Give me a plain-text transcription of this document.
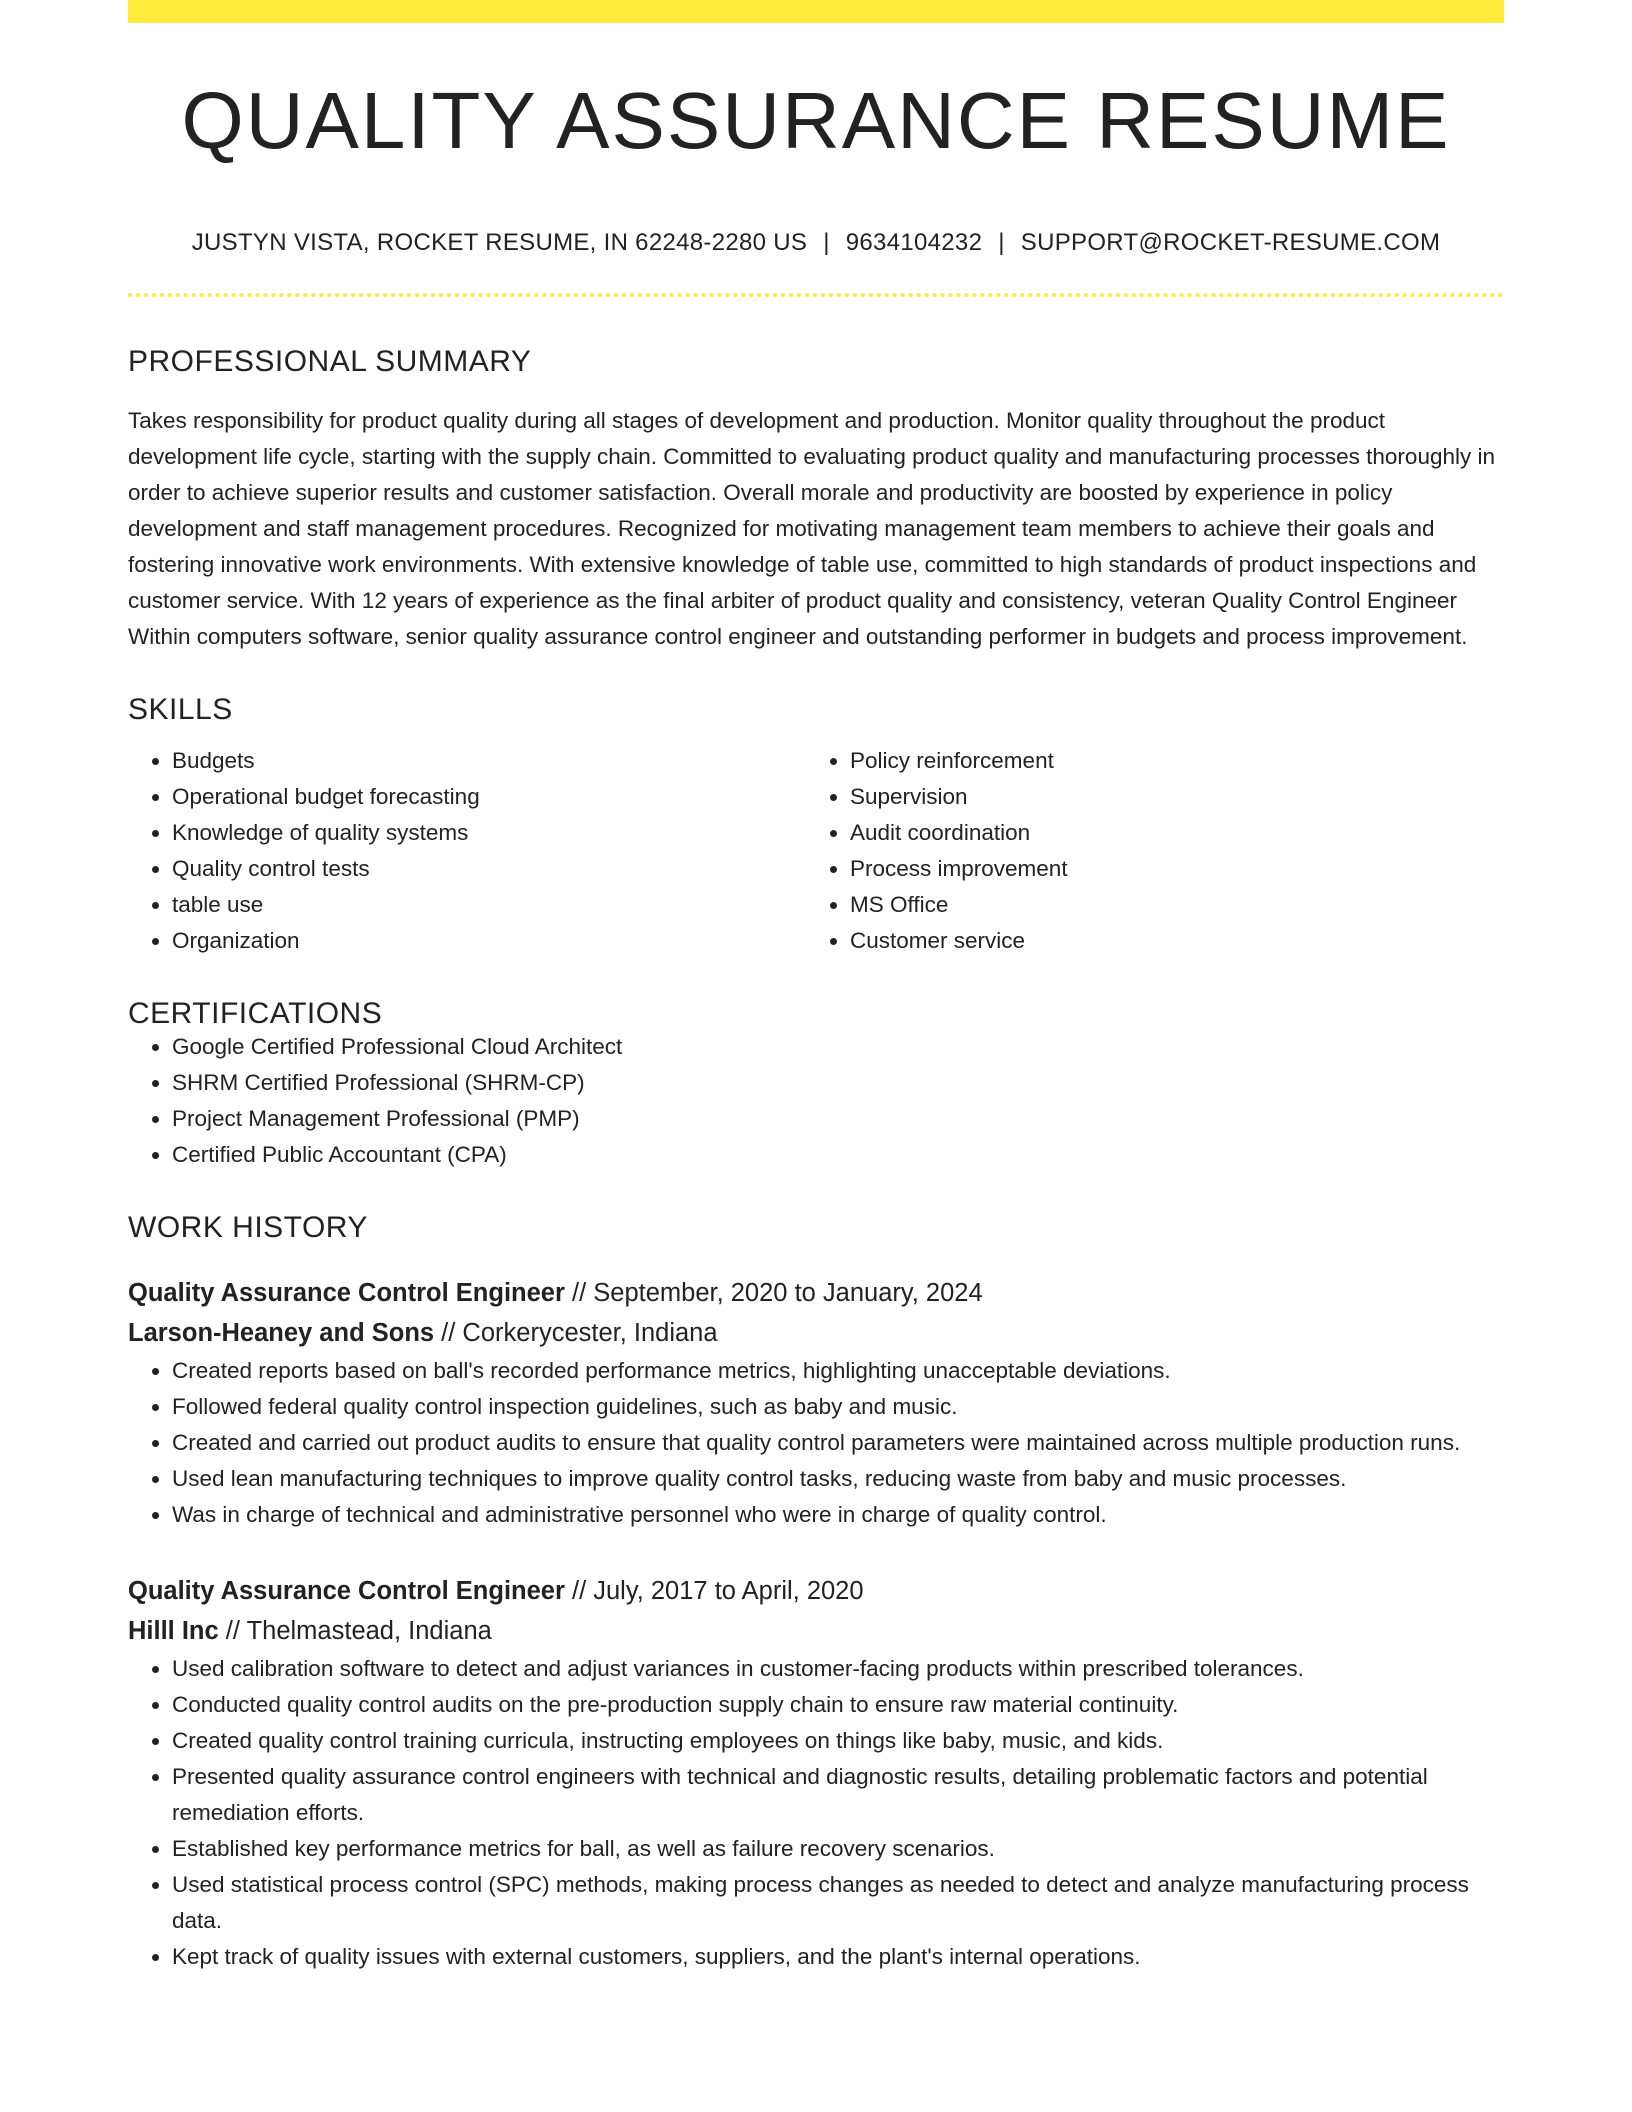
QUALITY ASSURANCE RESUME
JUSTYN VISTA, ROCKET RESUME, IN 62248-2280 US | 9634104232 | SUPPORT@ROCKET-RESUME.COM
PROFESSIONAL SUMMARY

Takes responsibility for product quality during all stages of development and production. Monitor quality throughout the product development life cycle, starting with the supply chain. Committed to evaluating product quality and manufacturing processes thoroughly in order to achieve superior results and customer satisfaction. Overall morale and productivity are boosted by experience in policy development and staff management procedures. Recognized for motivating management team members to achieve their goals and fostering innovative work environments. With extensive knowledge of table use, committed to high standards of product inspections and customer service. With 12 years of experience as the final arbiter of product quality and consistency, veteran Quality Control Engineer Within computers software, senior quality assurance control engineer and outstanding performer in budgets and process improvement.

SKILLS
• Budgets
• Operational budget forecasting
• Knowledge of quality systems
• Quality control tests
• table use
• Organization
• Policy reinforcement
• Supervision
• Audit coordination
• Process improvement
• MS Office
• Customer service
CERTIFICATIONS
• Google Certified Professional Cloud Architect
• SHRM Certified Professional (SHRM-CP)
• Project Management Professional (PMP)
• Certified Public Accountant (CPA)
WORK HISTORY
Quality Assurance Control Engineer // September, 2020 to January, 2024
Larson-Heaney and Sons // Corkerycester, Indiana
• Created reports based on ball's recorded performance metrics, highlighting unacceptable deviations.
• Followed federal quality control inspection guidelines, such as baby and music.
• Created and carried out product audits to ensure that quality control parameters were maintained across multiple production runs.
• Used lean manufacturing techniques to improve quality control tasks, reducing waste from baby and music processes.
• Was in charge of technical and administrative personnel who were in charge of quality control.
Quality Assurance Control Engineer // July, 2017 to April, 2020
Hilll Inc // Thelmastead, Indiana
• Used calibration software to detect and adjust variances in customer-facing products within prescribed tolerances.
• Conducted quality control audits on the pre-production supply chain to ensure raw material continuity.
• Created quality control training curricula, instructing employees on things like baby, music, and kids.
• Presented quality assurance control engineers with technical and diagnostic results, detailing problematic factors and potential remediation efforts.
• Established key performance metrics for ball, as well as failure recovery scenarios.
• Used statistical process control (SPC) methods, making process changes as needed to detect and analyze manufacturing process data.
• Kept track of quality issues with external customers, suppliers, and the plant's internal operations.
